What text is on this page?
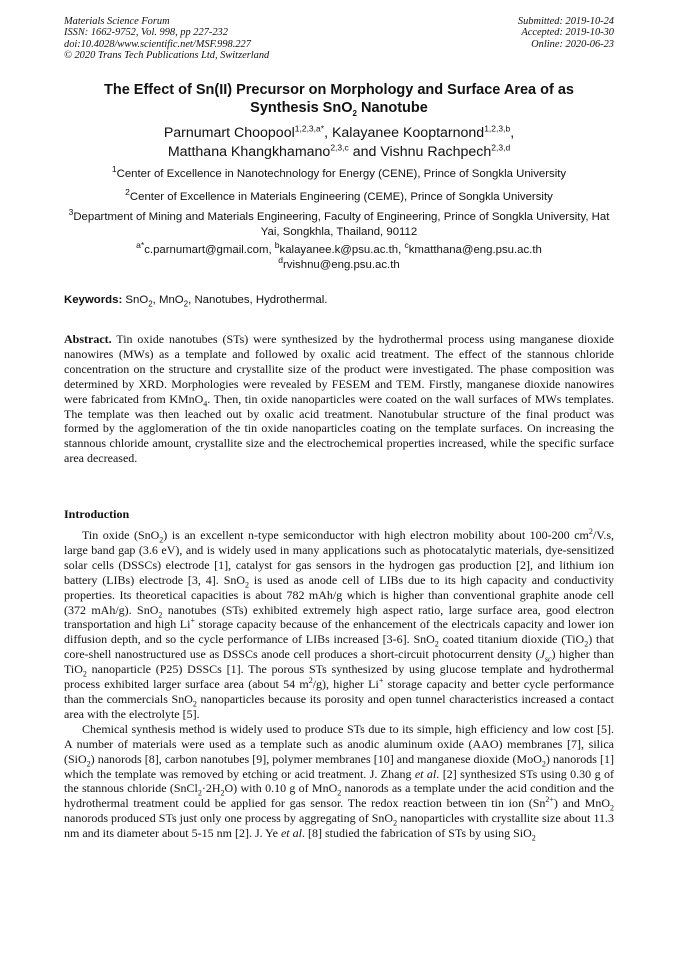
Materials Science Forum
ISSN: 1662-9752, Vol. 998, pp 227-232
doi:10.4028/www.scientific.net/MSF.998.227
© 2020 Trans Tech Publications Ltd, Switzerland
Submitted: 2019-10-24
Accepted: 2019-10-30
Online: 2020-06-23
The Effect of Sn(II) Precursor on Morphology and Surface Area of as
Synthesis SnO$_2$ Nanotube
Parnumart Choopool$^{1,2,3,a*}$, Kalayanee Kooptarnond$^{1,2,3,b}$,
Matthana Khangkhamano$^{2,3,c}$ and Vishnu Rachpech$^{2,3,d}$
$^1$Center of Excellence in Nanotechnology for Energy (CENE), Prince of Songkla University
$^2$Center of Excellence in Materials Engineering (CEME), Prince of Songkla University
$^3$Department of Mining and Materials Engineering, Faculty of Engineering, Prince of Songkla University, Hat Yai, Songkhla, Thailand, 90112
$^{a*}$c.parnumart@gmail.com, $^b$kalayanee.k@psu.ac.th, $^c$kmatthana@eng.psu.ac.th
$^d$rvishnu@eng.psu.ac.th
Keywords: SnO$_2$, MnO$_2$, Nanotubes, Hydrothermal.
Abstract. Tin oxide nanotubes (STs) were synthesized by the hydrothermal process using manganese dioxide nanowires (MWs) as a template and followed by oxalic acid treatment. The effect of the stannous chloride concentration on the structure and crystallite size of the product were investigated. The phase composition was determined by XRD. Morphologies were revealed by FESEM and TEM. Firstly, manganese dioxide nanowires were fabricated from KMnO$_4$. Then, tin oxide nanoparticles were coated on the wall surfaces of MWs templates. The template was then leached out by oxalic acid treatment. Nanotubular structure of the final product was formed by the agglomeration of the tin oxide nanoparticles coating on the template surfaces. On increasing the stannous chloride amount, crystallite size and the electrochemical properties increased, while the specific surface area decreased.
Introduction

Tin oxide (SnO$_2$) is an excellent n-type semiconductor with high electron mobility about 100-200 $cm^2/V.s$, large band gap (3.6 eV), and is widely used in many applications such as photocatalytic materials, dye-sensitized solar cells (DSSCs) electrode [1], catalyst for gas sensors in the hydrogen gas production [2], and lithium ion battery (LIBs) electrode [3, 4]. SnO$_2$ is used as anode cell of LIBs due to its high capacity and conductivity properties. Its theoretical capacities is about 782 mAh/g which is higher than conventional graphite anode cell (372 mAh/g). SnO$_2$ nanotubes (STs) exhibited extremely high aspect ratio, large surface area, good electron transportation and high Li+ storage capacity because of the enhancement of the electricals capacity and lower ion diffusion depth, and so the cycle performance of LIBs increased [3-6]. SnO$_2$ coated titanium dioxide (TiO$_2$) that core-shell nanostructured use as DSSCs anode cell produces a short-circuit photocurrent density $(J_{sc})$ higher than TiO$_2$ nanoparticle (P25) DSSCs [1]. The porous STs synthesized by using glucose template and hydrothermal process exhibited larger surface area (about 54 $m^2/g$), higher Li+ storage capacity and better cycle performance than the commercials SnO$_2$ nanoparticles because its porosity and open tunnel characteristics increased a contact area with the electrolyte [5].

Chemical synthesis method is widely used to produce STs due to its simple, high efficiency and low cost [5]. A number of materials were used as a template such as anodic aluminum oxide (AAO) membranes [7], silica (SiO$_2$) nanorods [8], carbon nanotubes [9], polymer membranes [10] and manganese dioxide (MoO$_2$) nanorods [1] which the template was removed by etching or acid treatment. J. Zhang et al. [2] synthesized STs using 0.30 g of the stannous chloride $(SnCl_2\cdot 2H_2O)$ with 0.10 g of MnO$_2$ nanorods as a template under the acid condition and the hydrothermal treatment could be applied for gas sensor. The redox reaction between tin ion $(Sn^{2+})$ and MnO$_2$ nanorods produced STs just only one process by aggregating of SnO$_2$ nanoparticles with crystallite size about 11.3 nm and its diameter about 5-15 nm [2]. J. Ye et al. [8] studied the fabrication of STs by using SiO$_2$
